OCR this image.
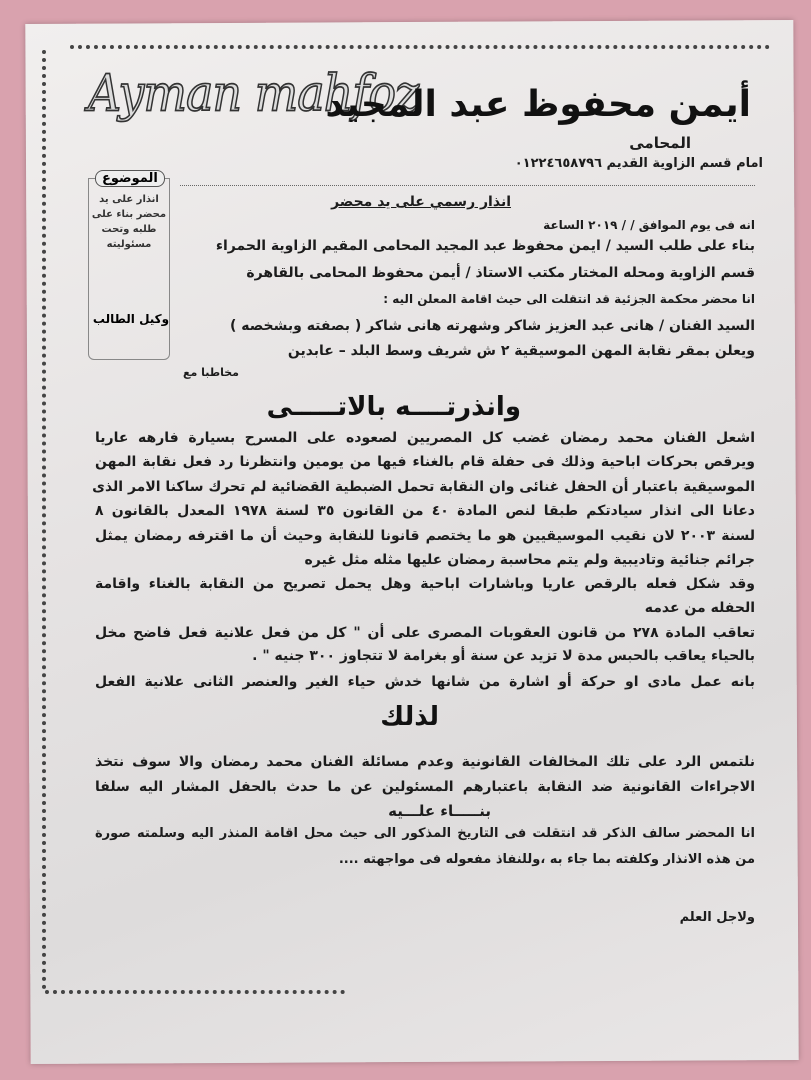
Ayman mahfoz
أيمن محفوظ عبد المجيد
المحامى
امام قسم الزاوية القديم ٠١٢٢٤٦٥٨٧٩٦
الموضوع
انذار على يد محضر بناء على طلبه وتحت مسئوليته
وكيل الطالب
انذار رسمي على يد محضر
انه فى يوم الموافق / / ٢٠١٩ الساعة
بناء على طلب السيد / ايمن محفوظ عبد المجيد المحامى المقيم الزاوية الحمراء
قسم الزاوية ومحله المختار مكتب الاستاذ / أيمن محفوظ المحامى بالقاهرة
انا محضر محكمة الجزئية قد انتقلت الى حيث اقامة المعلن اليه :
السيد الفنان / هانى عبد العزيز شاكر وشهرته هانى شاكر ( بصفته وبشخصه )
ويعلن بمقر نقابة المهن الموسيقية ٢ ش شريف وسط البلد – عابدين
مخاطبا مع
وانذرتــــه بالاتـــــى
اشعل الفنان محمد رمضان غضب كل المصريين لصعوده على المسرح بسيارة فارهه عاريا
ويرقص بحركات اباحية وذلك فى حفلة قام بالغناء فيها من يومين وانتظرنا رد فعل نقابة المهن
الموسيقية باعتبار أن الحفل غنائى وان النقابة تحمل الضبطية القضائية لم تحرك ساكنا الامر الذى
دعانا الى انذار سيادتكم طبقا لنص المادة ٤٠ من القانون ٣٥ لسنة ١٩٧٨ المعدل بالقانون ٨
لسنة ٢٠٠٣ لان نقيب الموسيقيين هو ما يختصم قانونا للنقابة وحيث أن ما اقترفه رمضان يمثل
جرائم جنائية وتاديبية ولم يتم محاسبة رمضان عليها مثله مثل غيره
وقد شكل فعله بالرقص عاريا وباشارات اباحية وهل يحمل تصريح من النقابة بالغناء واقامة
الحفله من عدمه
تعاقب المادة ٢٧٨ من قانون العقوبات المصرى على أن " كل من فعل علانية فعل فاضح مخل
بالحياء يعاقب بالحبس مدة لا تزيد عن سنة أو بغرامة لا تتجاوز ٣٠٠ جنيه " .
بانه عمل مادى او حركة أو اشارة من شانها خدش حياء الغير والعنصر الثانى علانية الفعل
لذلك
نلتمس الرد على تلك المخالفات القانونية وعدم مسائلة الفنان محمد رمضان والا سوف نتخذ
الاجراءات القانونية ضد النقابة باعتبارهم المسئولين عن ما حدث بالحفل المشار اليه سلفا
بنـــــاء علـــيه
انا المحضر سالف الذكر قد انتقلت فى التاريخ المذكور الى حيث محل اقامة المنذر اليه وسلمته صورة
من هذه الانذار وكلفته بما جاء به ،وللنفاذ مفعوله فى مواجهته ....
ولاجل العلم
